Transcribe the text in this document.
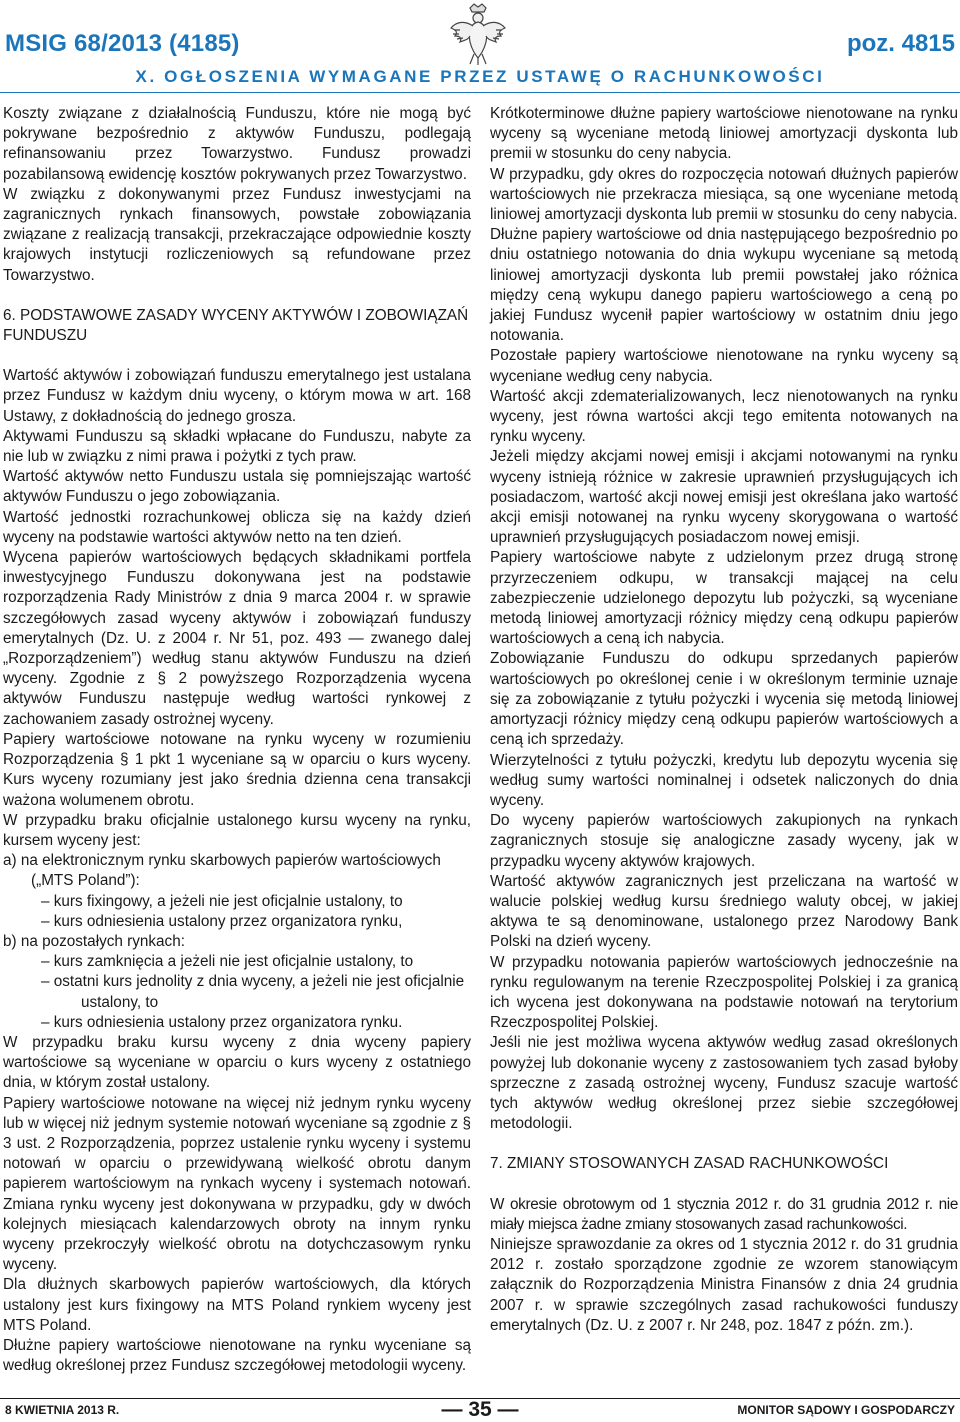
MSIG 68/2013 (4185)	poz. 4815
X. OGŁOSZENIA WYMAGANE PRZEZ USTAWĘ O RACHUNKOWOŚCI

Koszty związane z działalnością Funduszu, które nie mogą być pokrywane bezpośrednio z aktywów Funduszu, podlegają refinansowaniu przez Towarzystwo. Fundusz prowadzi pozabilansową ewidencję kosztów pokrywanych przez Towarzystwo.

W związku z dokonywanymi przez Fundusz inwestycjami na zagranicznych rynkach finansowych, powstałe zobowiązania związane z realizacją transakcji, przekraczające odpowiednie koszty krajowych instytucji rozliczeniowych są refundowane przez Towarzystwo.

6. PODSTAWOWE ZASADY WYCENY AKTYWÓW I ZOBOWIĄZAŃ FUNDUSZU

Wartość aktywów i zobowiązań funduszu emerytalnego jest ustalana przez Fundusz w każdym dniu wyceny, o którym mowa w art. 168 Ustawy, z dokładnością do jednego grosza.

Aktywami Funduszu są składki wpłacane do Funduszu, nabyte za nie lub w związku z nimi prawa i pożytki z tych praw.

Wartość aktywów netto Funduszu ustala się pomniejszając wartość aktywów Funduszu o jego zobowiązania.

Wartość jednostki rozrachunkowej oblicza się na każdy dzień wyceny na podstawie wartości aktywów netto na ten dzień.

Wycena papierów wartościowych będących składnikami portfela inwestycyjnego Funduszu dokonywana jest na podstawie rozporządzenia Rady Ministrów z dnia 9 marca 2004 r. w sprawie szczegółowych zasad wyceny aktywów i zobowiązań funduszy emerytalnych (Dz. U. z 2004 r. Nr 51, poz. 493 — zwanego dalej „Rozporządzeniem”) według stanu aktywów Funduszu na dzień wyceny. Zgodnie z § 2 powyższego Rozporządzenia wycena aktywów Funduszu następuje według wartości rynkowej z zachowaniem zasady ostrożnej wyceny.

Papiery wartościowe notowane na rynku wyceny w rozumieniu Rozporządzenia § 1 pkt 1 wyceniane są w oparciu o kurs wyceny. Kurs wyceny rozumiany jest jako średnia dzienna cena transakcji ważona wolumenem obrotu.

W przypadku braku oficjalnie ustalonego kursu wyceny na rynku, kursem wyceny jest:

a) na elektronicznym rynku skarbowych papierów wartościowych („MTS Poland”):

– kurs fixingowy, a jeżeli nie jest oficjalnie ustalony, to

– kurs odniesienia ustalony przez organizatora rynku,

b) na pozostałych rynkach:

– kurs zamknięcia a jeżeli nie jest oficjalnie ustalony, to

– ostatni kurs jednolity z dnia wyceny, a jeżeli nie jest oficjalnie ustalony, to

– kurs odniesienia ustalony przez organizatora rynku.

W przypadku braku kursu wyceny z dnia wyceny papiery wartościowe są wyceniane w oparciu o kurs wyceny z ostatniego dnia, w którym został ustalony.

Papiery wartościowe notowane na więcej niż jednym rynku wyceny lub w więcej niż jednym systemie notowań wyceniane są zgodnie z § 3 ust. 2 Rozporządzenia, poprzez ustalenie rynku wyceny i systemu notowań w oparciu o przewidywaną wielkość obrotu danym papierem wartościowym na rynkach wyceny i systemach notowań. Zmiana rynku wyceny jest dokonywana w przypadku, gdy w dwóch kolejnych miesiącach kalendarzowych obroty na innym rynku wyceny przekroczyły wielkość obrotu na dotychczasowym rynku wyceny.

Dla dłużnych skarbowych papierów wartościowych, dla których ustalony jest kurs fixingowy na MTS Poland rynkiem wyceny jest MTS Poland.

Dłużne papiery wartościowe nienotowane na rynku wyceniane są według określonej przez Fundusz szczegółowej metodologii wyceny.

Krótkoterminowe dłużne papiery wartościowe nienotowane na rynku wyceny są wyceniane metodą liniowej amortyzacji dyskonta lub premii w stosunku do ceny nabycia.

W przypadku, gdy okres do rozpoczęcia notowań dłużnych papierów wartościowych nie przekracza miesiąca, są one wyceniane metodą liniowej amortyzacji dyskonta lub premii w stosunku do ceny nabycia.

Dłużne papiery wartościowe od dnia następującego bezpośrednio po dniu ostatniego notowania do dnia wykupu wyceniane są metodą liniowej amortyzacji dyskonta lub premii powstałej jako różnica między ceną wykupu danego papieru wartościowego a ceną po jakiej Fundusz wycenił papier wartościowy w ostatnim dniu jego notowania.

Pozostałe papiery wartościowe nienotowane na rynku wyceny są wyceniane według ceny nabycia.

Wartość akcji zdematerializowanych, lecz nienotowanych na rynku wyceny, jest równa wartości akcji tego emitenta notowanych na rynku wyceny.

Jeżeli między akcjami nowej emisji i akcjami notowanymi na rynku wyceny istnieją różnice w zakresie uprawnień przysługujących ich posiadaczom, wartość akcji nowej emisji jest określana jako wartość akcji emisji notowanej na rynku wyceny skorygowana o wartość uprawnień przysługujących posiadaczom nowej emisji.

Papiery wartościowe nabyte z udzielonym przez drugą stronę przyrzeczeniem odkupu, w transakcji mającej na celu zabezpieczenie udzielonego depozytu lub pożyczki, są wyceniane metodą liniowej amortyzacji różnicy między ceną odkupu papierów wartościowych a ceną ich nabycia.

Zobowiązanie Funduszu do odkupu sprzedanych papierów wartościowych po określonej cenie i w określonym terminie uznaje się za zobowiązanie z tytułu pożyczki i wycenia się metodą liniowej amortyzacji różnicy między ceną odkupu papierów wartościowych a ceną ich sprzedaży.

Wierzytelności z tytułu pożyczki, kredytu lub depozytu wycenia się według sumy wartości nominalnej i odsetek naliczonych do dnia wyceny.

Do wyceny papierów wartościowych zakupionych na rynkach zagranicznych stosuje się analogiczne zasady wyceny, jak w przypadku wyceny aktywów krajowych.

Wartość aktywów zagranicznych jest przeliczana na wartość w walucie polskiej według kursu średniego waluty obcej, w jakiej aktywa te są denominowane, ustalonego przez Narodowy Bank Polski na dzień wyceny.

W przypadku notowania papierów wartościowych jednocześnie na rynku regulowanym na terenie Rzeczpospolitej Polskiej i za granicą ich wycena jest dokonywana na podstawie notowań na terytorium Rzeczpospolitej Polskiej.

Jeśli nie jest możliwa wycena aktywów według zasad określonych powyżej lub dokonanie wyceny z zastosowaniem tych zasad byłoby sprzeczne z zasadą ostrożnej wyceny, Fundusz szacuje wartość tych aktywów według określonej przez siebie szczegółowej metodologii.

7. ZMIANY STOSOWANYCH ZASAD RACHUNKOWOŚCI

W okresie obrotowym od 1 stycznia 2012 r. do 31 grudnia 2012 r. nie miały miejsca żadne zmiany stosowanych zasad rachunkowości.

Niniejsze sprawozdanie za okres od 1 stycznia 2012 r. do 31 grudnia 2012 r. zostało sporządzone zgodnie ze wzorem stanowiącym załącznik do Rozporządzenia Ministra Finansów z dnia 24 grudnia 2007 r. w sprawie szczególnych zasad rachukowości funduszy emerytalnych (Dz. U. z 2007 r. Nr 248, poz. 1847 z późn. zm.).

8 KWIETNIA 2013 R.	— 35 —	MONITOR SĄDOWY I GOSPODARCZY
